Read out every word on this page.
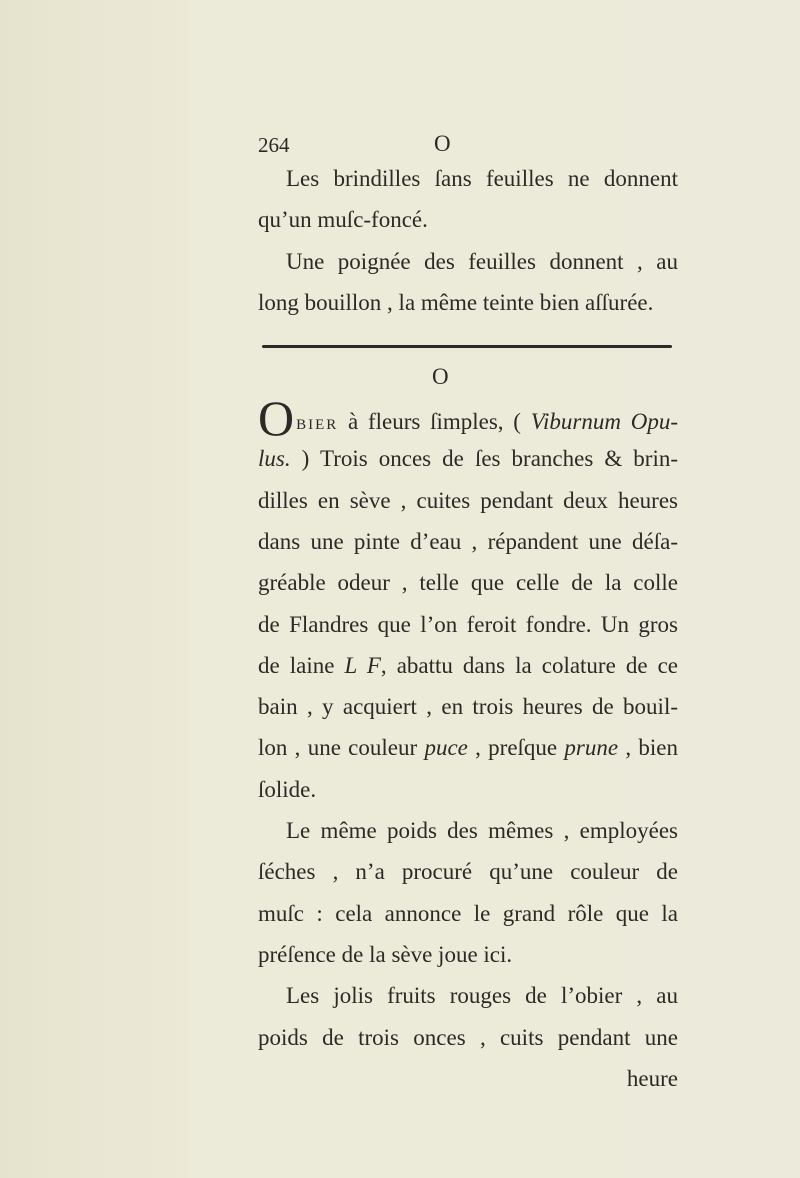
264	O
Les brindilles ſans feuilles ne donnent
qu’un muſc-foncé.
Une poignée des feuilles donnent , au
long bouillon , la même teinte bien aſſurée.
O
OBIER à fleurs ſimples, ( Viburnum Opu-
lus. ) Trois onces de ſes branches & brin-
dilles en sève , cuites pendant deux heures
dans une pinte d’eau , répandent une déſa-
gréable odeur , telle que celle de la colle
de Flandres que l’on feroit fondre. Un gros
de laine L F, abattu dans la colature de ce
bain , y acquiert , en trois heures de bouil-
lon , une couleur puce , preſque prune , bien
ſolide.
Le même poids des mêmes , employées
ſéches , n’a procuré qu’une couleur de
muſc : cela annonce le grand rôle que la
préſence de la sève joue ici.
Les jolis fruits rouges de l’obier , au
poids de trois onces , cuits pendant une
heure
